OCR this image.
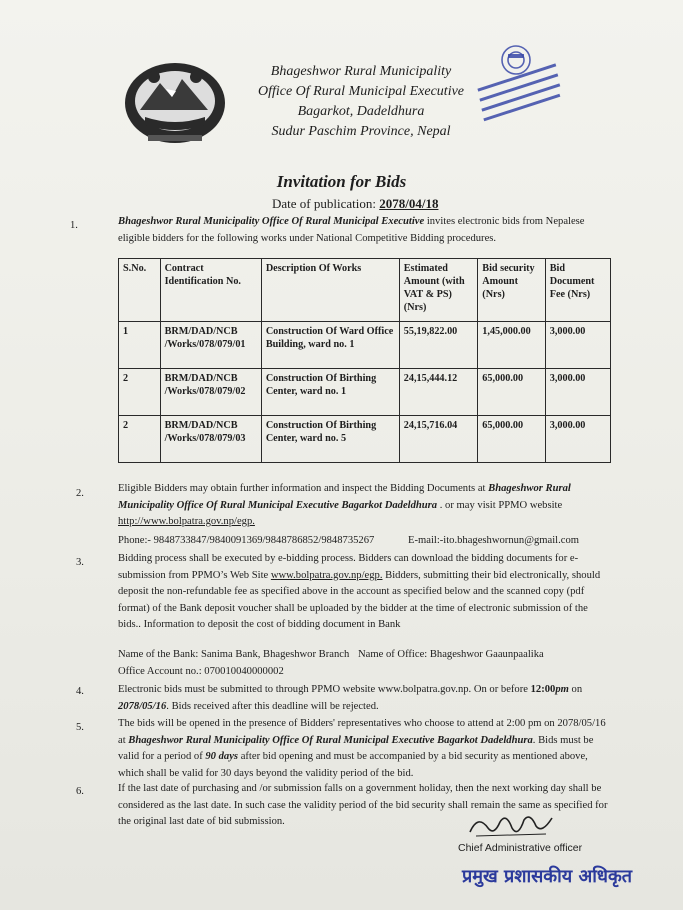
Bhageshwor Rural Municipality
Office Of Rural Municipal Executive
Bagarkot, Dadeldhura
Sudur Paschim Province, Nepal
Invitation for Bids
Date of publication: 2078/04/18
1.	Bhageshwor Rural Municipality Office Of Rural Municipal Executive invites electronic bids from Nepalese
eligible bidders for the following works under National Competitive Bidding procedures.
S.No.	Contract Identification No.	Description Of Works	Estimated Amount (with VAT & PS) (Nrs)	Bid security Amount (Nrs)	Bid Document Fee (Nrs)
1	BRM/DAD/NCB /Works/078/079/01	Construction Of Ward Office Building, ward no. 1	55,19,822.00	1,45,000.00	3,000.00
2	BRM/DAD/NCB /Works/078/079/02	Construction Of Birthing Center, ward no. 1	24,15,444.12	65,000.00	3,000.00
2	BRM/DAD/NCB /Works/078/079/03	Construction Of Birthing Center, ward no. 5	24,15,716.04	65,000.00	3,000.00
2.	Eligible Bidders may obtain further information and inspect the Bidding Documents at Bhageshwor Rural
Municipality Office Of Rural Municipal Executive Bagarkot Dadeldhura . or may visit PPMO website
http://www.bolpatra.gov.np/egp.
Phone:- 9848733847/9840091369/9848786852/9848735267	E-mail:-ito.bhageshwornun@gmail.com
3.	Bidding process shall be executed by e-bidding process. Bidders can download the bidding documents for e-
submission from PPMO’s Web Site www.bolpatra.gov.np/egp. Bidders, submitting their bid electronically, should
deposit the non-refundable fee as specified above in the account as specified below and the scanned copy (pdf
format) of the Bank deposit voucher shall be uploaded by the bidder at the time of electronic submission of the
bids.. Information to deposit the cost of bidding document in Bank
Name of the Bank: Sanima Bank, Bhageshwor Branch Name of Office: Bhageshwor Gaaunpaalika
Office Account no.: 070010040000002
4.	Electronic bids must be submitted to through PPMO website www.bolpatra.gov.np. On or before 12:00pm on
2078/05/16. Bids received after this deadline will be rejected.
5.	The bids will be opened in the presence of Bidders' representatives who choose to attend at 2:00 pm on 2078/05/16
at Bhageshwor Rural Municipality Office Of Rural Municipal Executive Bagarkot Dadeldhura. Bids must be
valid for a period of 90 days after bid opening and must be accompanied by a bid security as mentioned above,
which shall be valid for 30 days beyond the validity period of the bid.
6.	If the last date of purchasing and /or submission falls on a government holiday, then the next working day shall be
considered as the last date. In such case the validity period of the bid security shall remain the same as specified for
the original last date of bid submission.
Chief Administrative officer
प्रमुख प्रशासकीय अधिकृत
